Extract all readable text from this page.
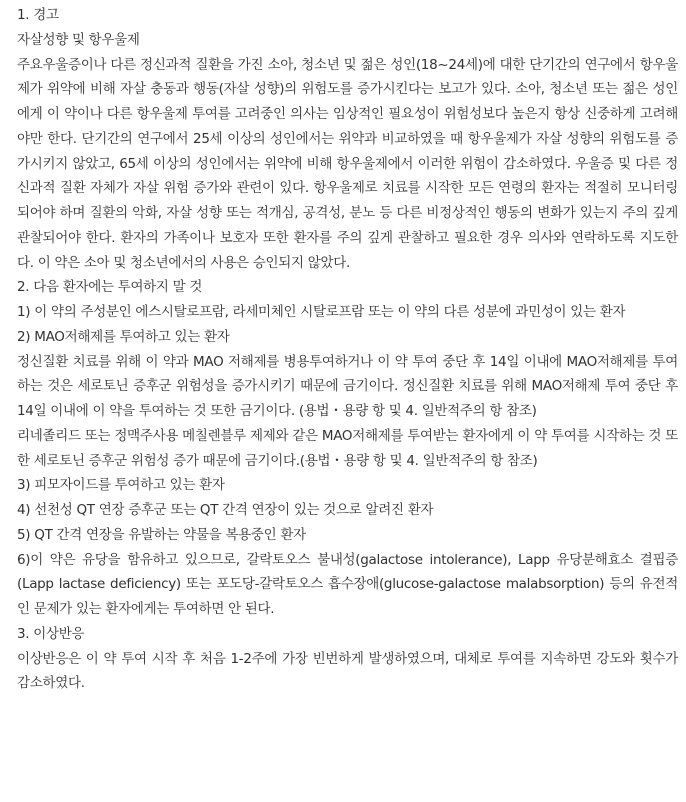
1. 경고

자살성향 및 항우울제

주요우울증이나 다른 정신과적 질환을 가진 소아, 청소년 및 젊은 성인(18~24세)에 대한 단기간의 연구에서 항우울제가 위약에 비해 자살 충동과 행동(자살 성향)의 위험도를 증가시킨다는 보고가 있다. 소아, 청소년 또는 젊은 성인에게 이 약이나 다른 항우울제 투여를 고려중인 의사는 임상적인 필요성이 위험성보다 높은지 항상 신중하게 고려해야만 한다. 단기간의 연구에서 25세 이상의 성인에서는 위약과 비교하였을 때 항우울제가 자살 성향의 위험도를 증가시키지 않았고, 65세 이상의 성인에서는 위약에 비해 항우울제에서 이러한 위험이 감소하였다. 우울증 및 다른 정신과적 질환 자체가 자살 위험 증가와 관련이 있다. 항우울제로 치료를 시작한 모든 연령의 환자는 적절히 모니터링 되어야 하며 질환의 악화, 자살 성향 또는 적개심, 공격성, 분노 등 다른 비정상적인 행동의 변화가 있는지 주의 깊게 관찰되어야 한다. 환자의 가족이나 보호자 또한 환자를 주의 깊게 관찰하고 필요한 경우 의사와 연락하도록 지도한다. 이 약은 소아 및 청소년에서의 사용은 승인되지 않았다.

2. 다음 환자에는 투여하지 말 것

1) 이 약의 주성분인 에스시탈로프람, 라세미체인 시탈로프람 또는 이 약의 다른 성분에 과민성이 있는 환자

2) MAO저해제를 투여하고 있는 환자

정신질환 치료를 위해 이 약과 MAO 저해제를 병용투여하거나 이 약 투여 중단 후 14일 이내에 MAO저해제를 투여하는 것은 세로토닌 증후군 위험성을 증가시키기 때문에 금기이다. 정신질환 치료를 위해 MAO저해제 투여 중단 후 14일 이내에 이 약을 투여하는 것 또한 금기이다. (용법・용량 항 및 4. 일반적주의 항 참조)

리네졸리드 또는 정맥주사용 메칠렌블루 제제와 같은 MAO저해제를 투여받는 환자에게 이 약 투여를 시작하는 것 또한 세로토닌 증후군 위험성 증가 때문에 금기이다.(용법・용량 항 및 4. 일반적주의 항 참조)

3) 피모자이드를 투여하고 있는 환자

4) 선천성 QT 연장 증후군 또는 QT 간격 연장이 있는 것으로 알려진 환자

5) QT 간격 연장을 유발하는 약물을 복용중인 환자

6)이 약은 유당을 함유하고 있으므로, 갈락토오스 불내성(galactose intolerance), Lapp 유당분해효소 결핍증(Lapp lactase deficiency) 또는 포도당-갈락토오스 흡수장애(glucose-galactose malabsorption) 등의 유전적인 문제가 있는 환자에게는 투여하면 안 된다.

3. 이상반응

이상반응은 이 약 투여 시작 후 처음 1-2주에 가장 빈번하게 발생하였으며, 대체로 투여를 지속하면 강도와 횟수가 감소하였다.
